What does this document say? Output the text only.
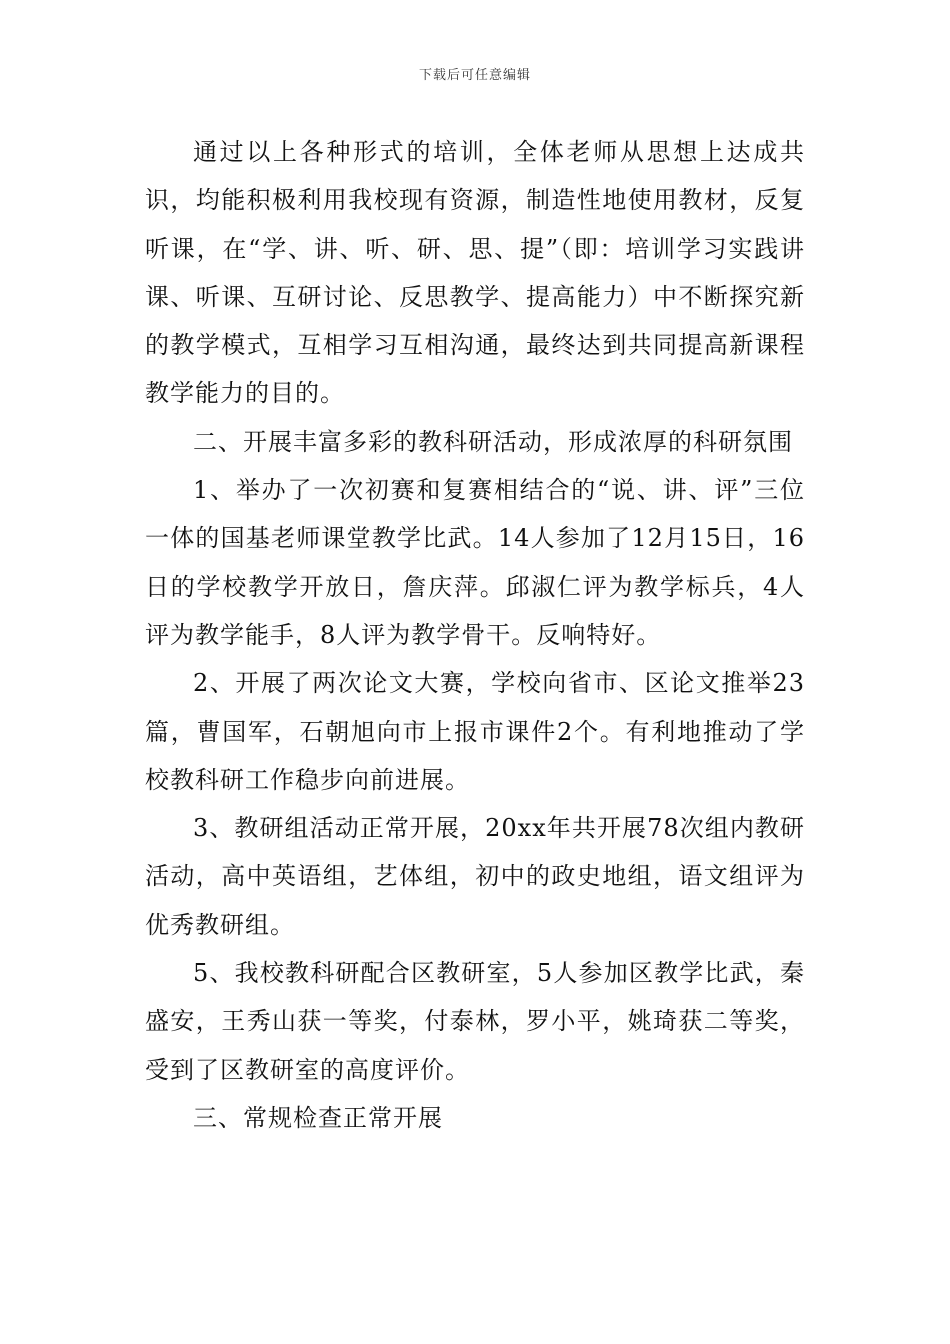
下载后可任意编辑

通过以上各种形式的培训，全体老师从思想上达成共识，均能积极利用我校现有资源，制造性地使用教材，反复听课，在“学、讲、听、研、思、提”（即：培训学习实践讲课、听课、互研讨论、反思教学、提高能力）中不断探究新的教学模式，互相学习互相沟通，最终达到共同提高新课程教学能力的目的。

二、开展丰富多彩的教科研活动，形成浓厚的科研氛围

1、举办了一次初赛和复赛相结合的“说、讲、评”三位一体的国基老师课堂教学比武。14人参加了12月15日，16日的学校教学开放日，詹庆萍。邱淑仁评为教学标兵，4人评为教学能手，8人评为教学骨干。反响特好。

2、开展了两次论文大赛，学校向省市、区论文推举23篇，曹国军，石朝旭向市上报市课件2个。有利地推动了学校教科研工作稳步向前进展。

3、教研组活动正常开展，20xx年共开展78次组内教研活动，高中英语组，艺体组，初中的政史地组，语文组评为优秀教研组。

5、我校教科研配合区教研室，5人参加区教学比武，秦盛安，王秀山获一等奖，付泰林，罗小平，姚琦获二等奖，受到了区教研室的高度评价。

三、常规检查正常开展
